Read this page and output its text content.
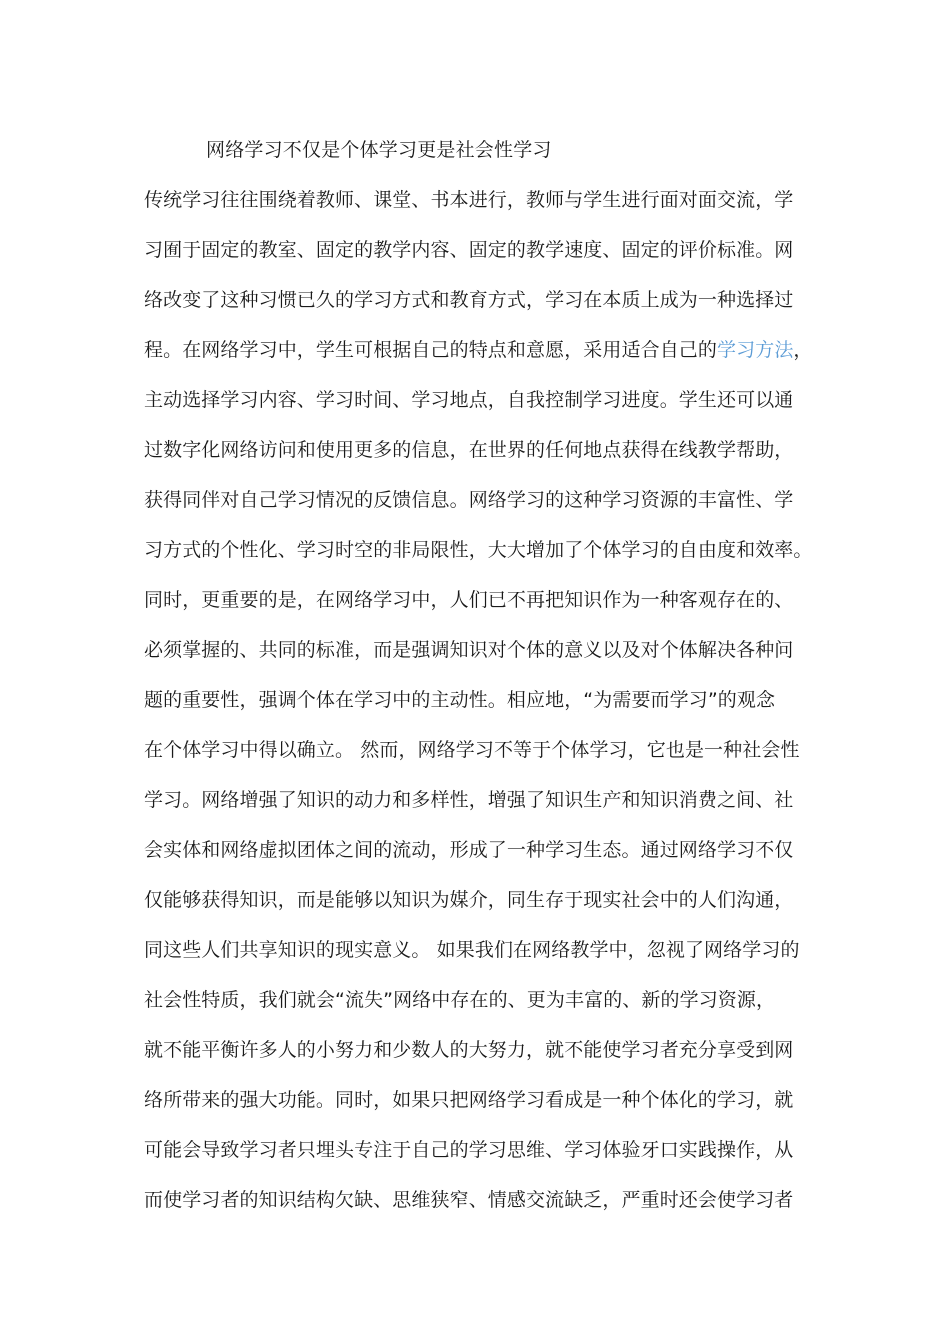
网络学习不仅是个体学习更是社会性学习
传统学习往往围绕着教师、课堂、书本进行，教师与学生进行面对面交流，学
习囿于固定的教室、固定的教学内容、固定的教学速度、固定的评价标准。网
络改变了这种习惯已久的学习方式和教育方式，学习在本质上成为一种选择过
程。在网络学习中，学生可根据自己的特点和意愿，采用适合自己的学习方法，
主动选择学习内容、学习时间、学习地点，自我控制学习进度。学生还可以通
过数字化网络访问和使用更多的信息，在世界的任何地点获得在线教学帮助，
获得同伴对自己学习情况的反馈信息。网络学习的这种学习资源的丰富性、学
习方式的个性化、学习时空的非局限性，大大增加了个体学习的自由度和效率。
同时，更重要的是，在网络学习中，人们已不再把知识作为一种客观存在的、
必须掌握的、共同的标准，而是强调知识对个体的意义以及对个体解决各种问
题的重要性，强调个体在学习中的主动性。相应地，“为需要而学习”的观念
在个体学习中得以确立。 然而，网络学习不等于个体学习，它也是一种社会性
学习。网络增强了知识的动力和多样性，增强了知识生产和知识消费之间、社
会实体和网络虚拟团体之间的流动，形成了一种学习生态。通过网络学习不仅
仅能够获得知识，而是能够以知识为媒介，同生存于现实社会中的人们沟通，
同这些人们共享知识的现实意义。 如果我们在网络教学中，忽视了网络学习的
社会性特质，我们就会“流失”网络中存在的、更为丰富的、新的学习资源，
就不能平衡许多人的小努力和少数人的大努力，就不能使学习者充分享受到网
络所带来的强大功能。同时，如果只把网络学习看成是一种个体化的学习，就
可能会导致学习者只埋头专注于自己的学习思维、学习体验牙口实践操作，从
而使学习者的知识结构欠缺、思维狭窄、情感交流缺乏，严重时还会使学习者
